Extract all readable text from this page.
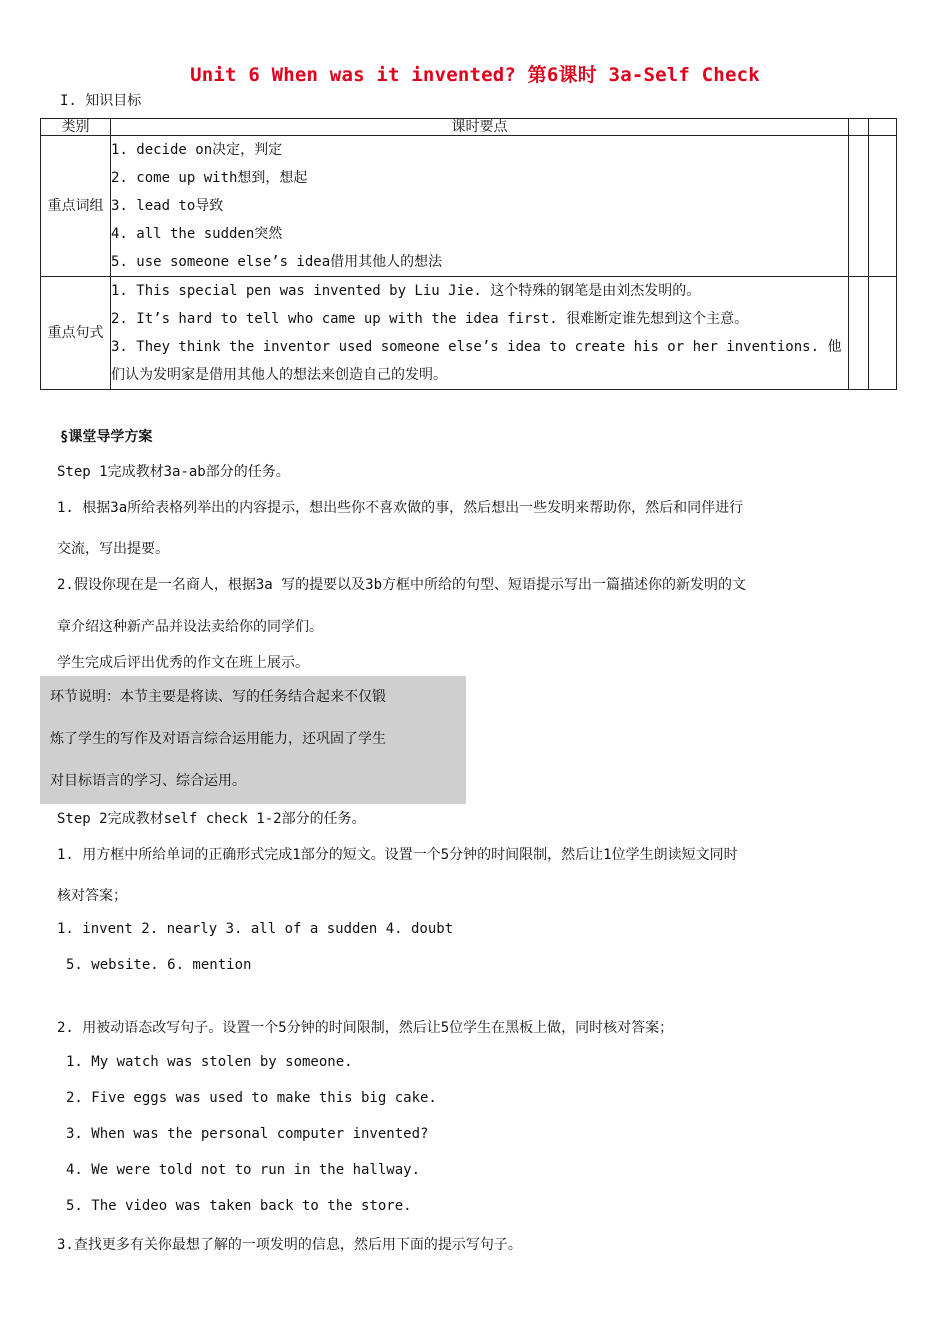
Unit 6 When was it invented? 第6课时 3a-Self Check
I. 知识目标
类别	课时要点		
重点词组	1. decide on决定，判定
2. come up with想到，想起
3. lead to导致
4. all the sudden突然
5. use someone else’s idea借用其他人的想法		

重点句式	1. This special pen was invented by Liu Jie. 这个特殊的钢笔是由刘杰发明的。
2. It’s hard to tell who came up with the idea first. 很难断定谁先想到这个主意。
3. They think the inventor used someone else’s idea to create his or her inventions. 他们认为发明家是借用其他人的想法来创造自己的发明。		

§课堂导学方案
Step 1完成教材3a-ab部分的任务。
1. 根据3a所给表格列举出的内容提示，想出些你不喜欢做的事，然后想出一些发明来帮助你，然后和同伴进行
交流，写出提要。
2.假设你现在是一名商人，根据3a 写的提要以及3b方框中所给的句型、短语提示写出一篇描述你的新发明的文
章介绍这种新产品并设法卖给你的同学们。
学生完成后评出优秀的作文在班上展示。
环节说明：本节主要是将读、写的任务结合起来不仅锻
炼了学生的写作及对语言综合运用能力，还巩固了学生
对目标语言的学习、综合运用。
Step 2完成教材self check 1-2部分的任务。
1. 用方框中所给单词的正确形式完成1部分的短文。设置一个5分钟的时间限制，然后让1位学生朗读短文同时
核对答案；
1. invent 2. nearly 3. all of a sudden 4. doubt
5. website. 6. mention
2. 用被动语态改写句子。设置一个5分钟的时间限制，然后让5位学生在黑板上做，同时核对答案；
1. My watch was stolen by someone.
2. Five eggs was used to make this big cake.
3. When was the personal computer invented?
4. We were told not to run in the hallway.
5. The video was taken back to the store.
3.查找更多有关你最想了解的一项发明的信息，然后用下面的提示写句子。
